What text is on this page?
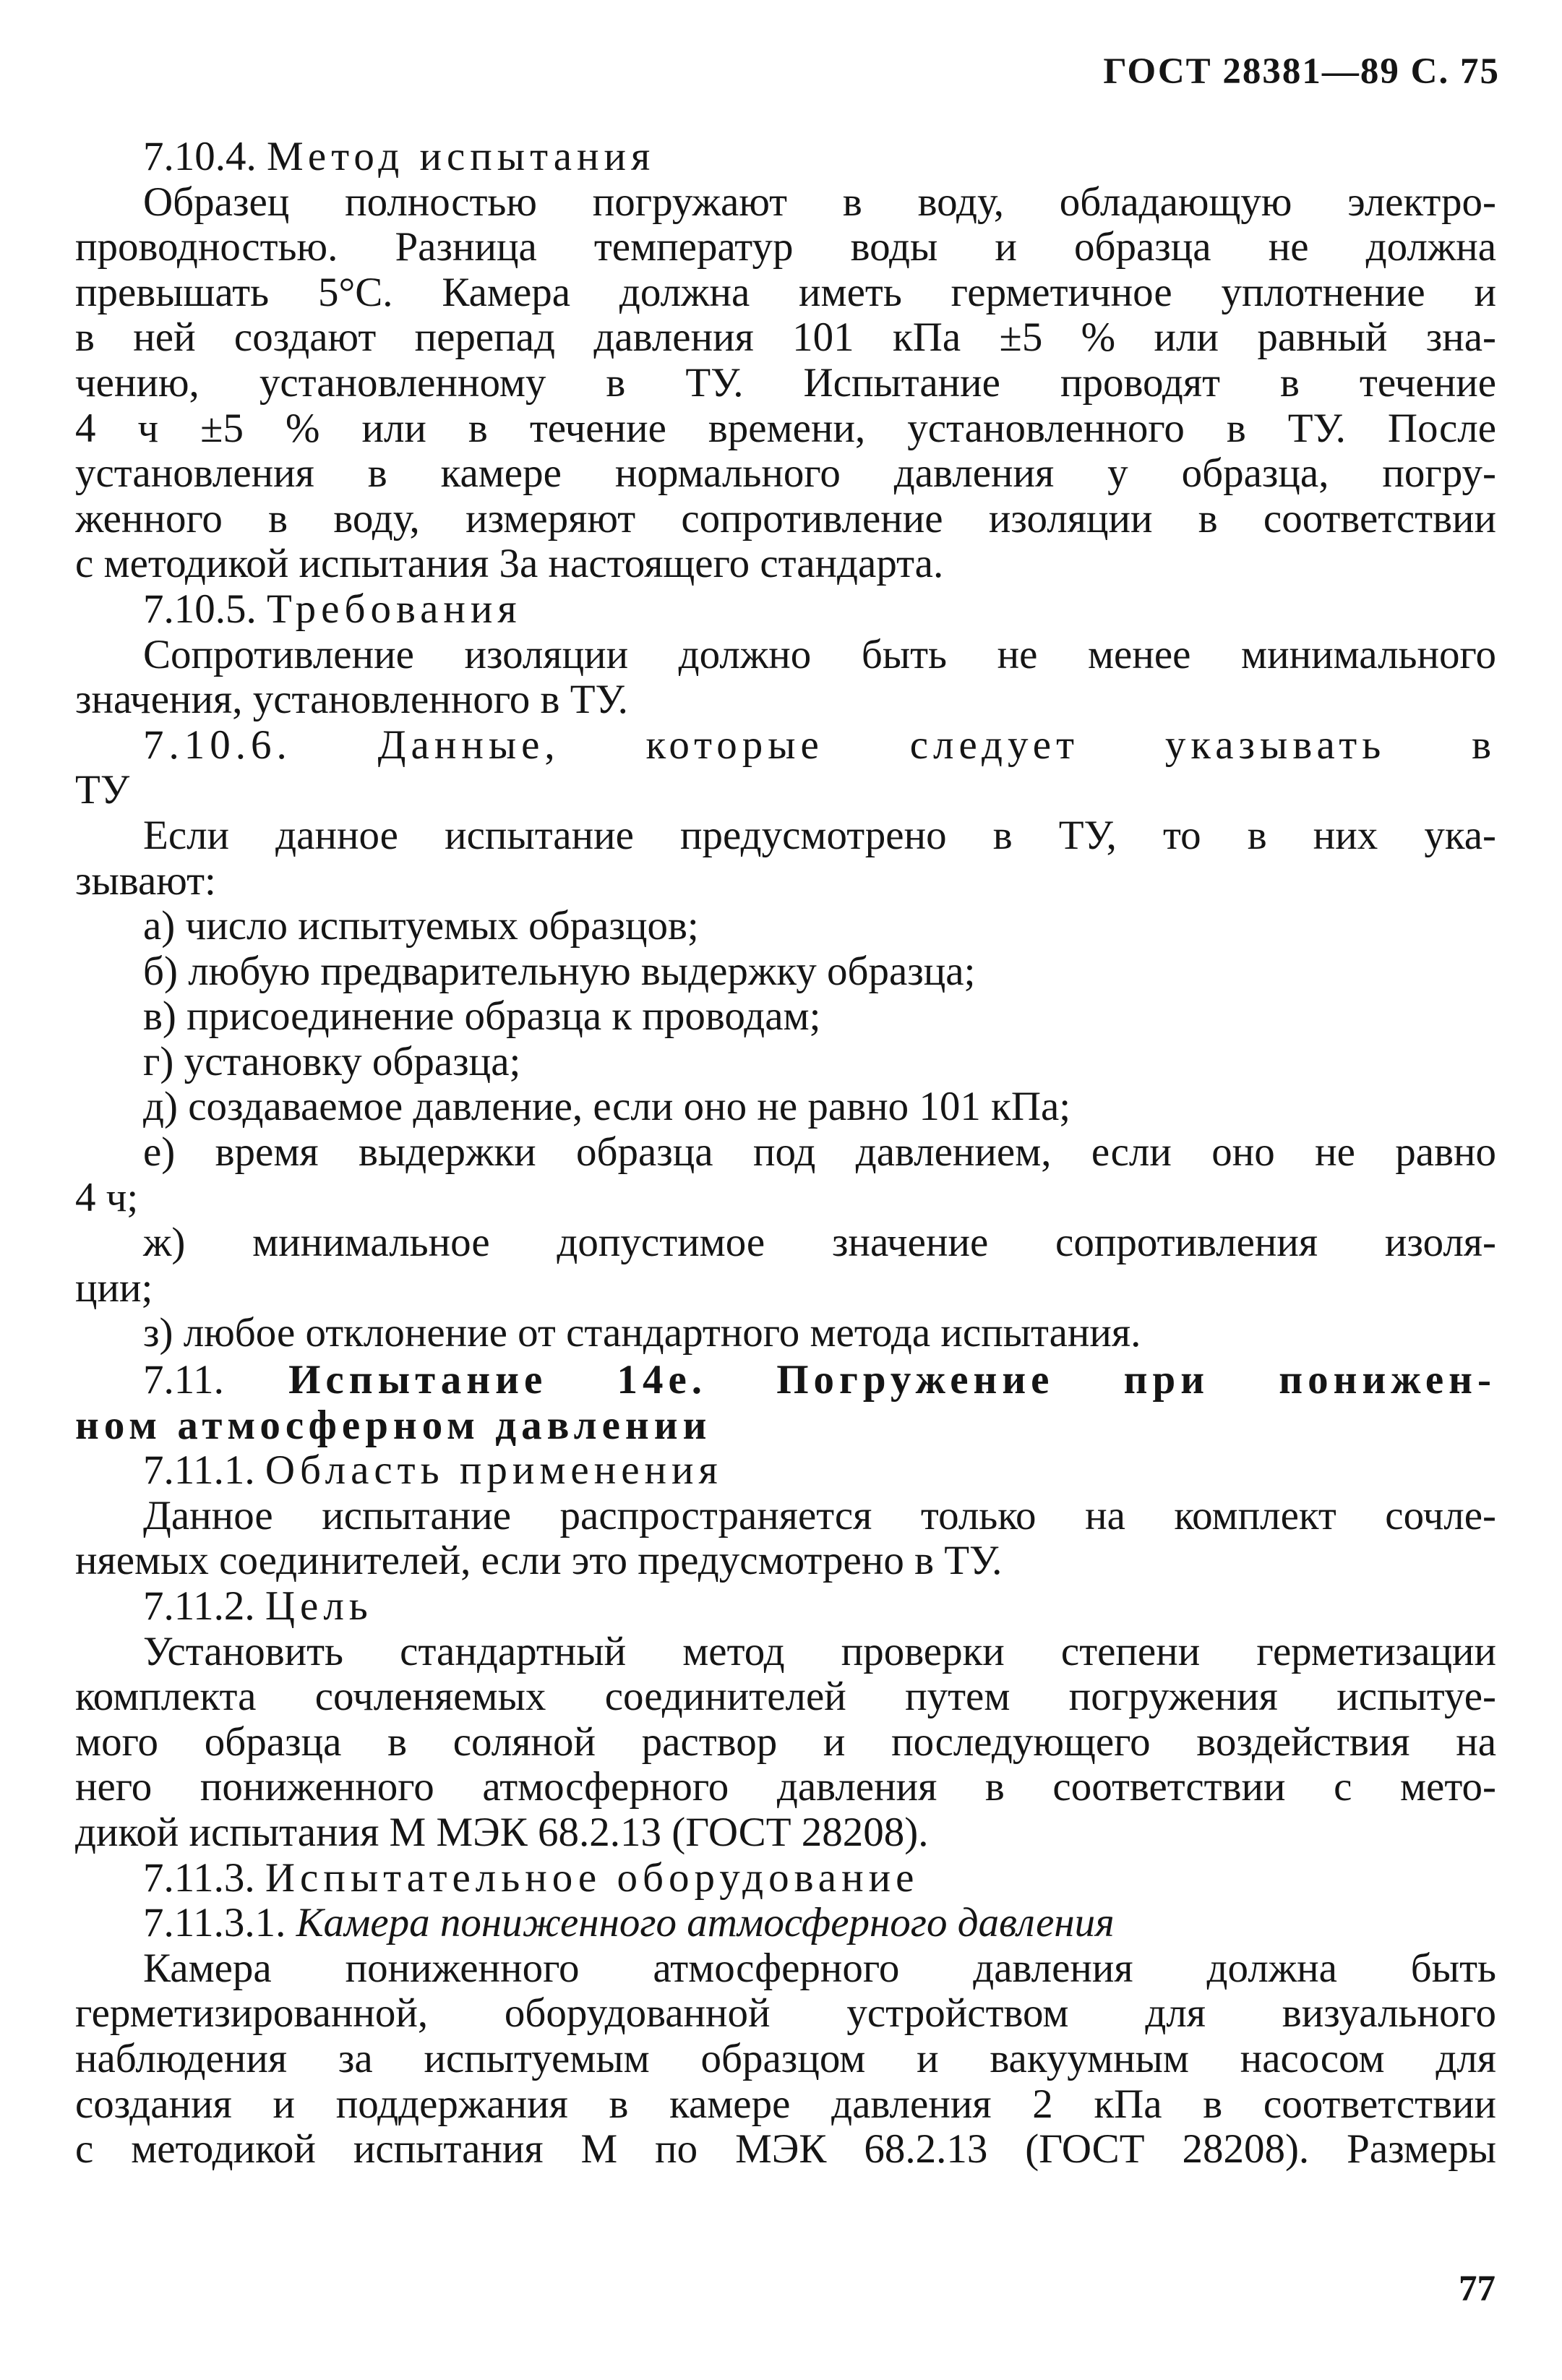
ГОСТ 28381—89 С. 75
7.10.4. Метод испытания
Образец полностью погружают в воду, обладающую электро-
проводностью. Разница температур воды и образца не должна
превышать 5°С. Камера должна иметь герметичное уплотнение и
в ней создают перепад давления 101 кПа ±5 % или равный зна-
чению, установленному в ТУ. Испытание проводят в течение
4 ч ±5 % или в течение времени, установленного в ТУ. После
установления в камере нормального давления у образца, погру-
женного в воду, измеряют сопротивление изоляции в соответствии
с методикой испытания 3а настоящего стандарта.
7.10.5. Требования
Сопротивление изоляции должно быть не менее минимального
значения, установленного в ТУ.
7.10.6. Данные, которые следует указывать в
ТУ
Если данное испытание предусмотрено в ТУ, то в них ука-
зывают:
а) число испытуемых образцов;
б) любую предварительную выдержку образца;
в) присоединение образца к проводам;
г) установку образца;
д) создаваемое давление, если оно не равно 101 кПа;
е) время выдержки образца под давлением, если оно не равно
4 ч;
ж) минимальное допустимое значение сопротивления изоля-
ции;
з) любое отклонение от стандартного метода испытания.
7.11. Испытание 14е. Погружение при понижен-
ном атмосферном давлении
7.11.1. Область применения
Данное испытание распространяется только на комплект сочле-
няемых соединителей, если это предусмотрено в ТУ.
7.11.2. Цель
Установить стандартный метод проверки степени герметизации
комплекта сочленяемых соединителей путем погружения испытуе-
мого образца в соляной раствор и последующего воздействия на
него пониженного атмосферного давления в соответствии с мето-
дикой испытания М МЭК 68.2.13 (ГОСТ 28208).
7.11.3. Испытательное оборудование
7.11.3.1. Камера пониженного атмосферного давления
Камера пониженного атмосферного давления должна быть
герметизированной, оборудованной устройством для визуального
наблюдения за испытуемым образцом и вакуумным насосом для
создания и поддержания в камере давления 2 кПа в соответствии
с методикой испытания М по МЭК 68.2.13 (ГОСТ 28208). Размеры
77
